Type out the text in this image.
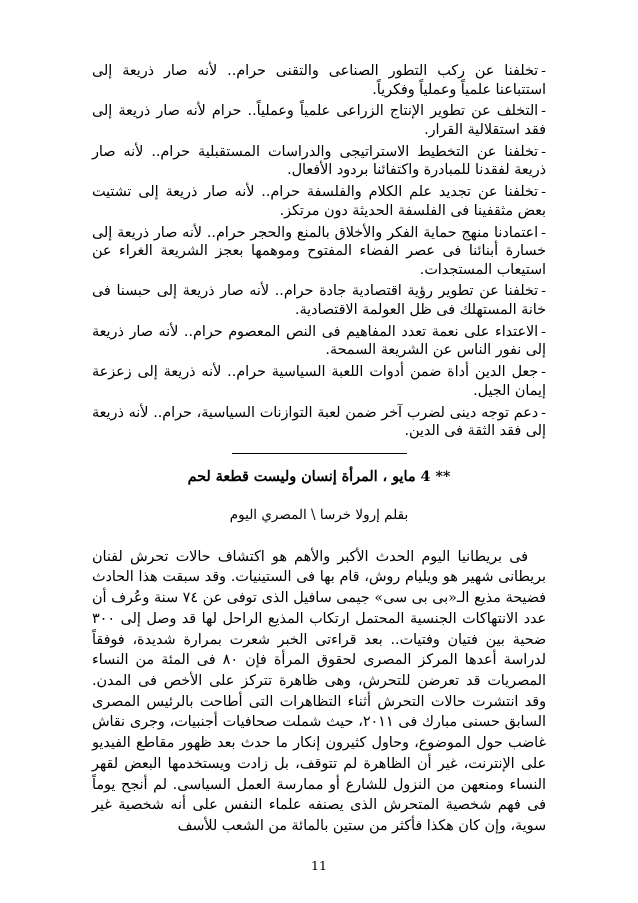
-تخلفنا عن ركب التطور الصناعى والتقنى حرام.. لأنه صار ذريعة إلى استتباعنا علمياً وعملياً وفكرياً.
-التخلف عن تطوير الإنتاج الزراعى علمياً وعملياً.. حرام لأنه صار ذريعة إلى فقد استقلالية القرار.
-تخلفنا عن التخطيط الاستراتيجى والدراسات المستقبلية حرام.. لأنه صار ذريعة لفقدنا للمبادرة واكتفائنا بردود الأفعال.
-تخلفنا عن تجديد علم الكلام والفلسفة حرام.. لأنه صار ذريعة إلى تشتيت بعض مثقفينا فى الفلسفة الحديثة دون مرتكز.
-اعتمادنا منهج حماية الفكر والأخلاق بالمنع والحجر حرام.. لأنه صار ذريعة إلى خسارة أبنائنا فى عصر الفضاء المفتوح وموهمها بعجز الشريعة الغراء عن استيعاب المستجدات.
-تخلفنا عن تطوير رؤية اقتصادية جادة حرام.. لأنه صار ذريعة إلى حبسنا فى خانة المستهلك فى ظل العولمة الاقتصادية.
-الاعتداء على نعمة تعدد المفاهيم فى النص المعصوم حرام.. لأنه صار ذريعة إلى نفور الناس عن الشريعة السمحة.
-جعل الدين أداة ضمن أدوات اللعبة السياسية حرام.. لأنه ذريعة إلى زعزعة إيمان الجيل.
-دعم توجه دينى لضرب آخر ضمن لعبة التوازنات السياسية، حرام.. لأنه ذريعة إلى فقد الثقة فى الدين.

** 4 مايو ، المرأة إنسان وليست قطعة لحم

بقلم إرولا خرسا \ المصري اليوم

فى بريطانيا اليوم الحدث الأكبر والأهم هو اكتشاف حالات تحرش لفنان بريطانى شهير هو ويليام روش، قام بها فى الستينيات. وقد سبقت هذا الحادث فضيحة مذيع الـ«بى بى سى» جيمى سافيل الذى توفى عن ٧٤ سنة وعُرف أن عدد الانتهاكات الجنسية المحتمل ارتكاب المذيع الراحل لها قد وصل إلى ٣٠٠ ضحية بين فتيان وفتيات.. بعد قراءتى الخبر شعرت بمرارة شديدة، فوفقاً لدراسة أعدها المركز المصرى لحقوق المرأة فإن ٨٠ فى المئة من النساء المصريات قد تعرضن للتحرش، وهى ظاهرة تتركز على الأخص فى المدن. وقد انتشرت حالات التحرش أثناء التظاهرات التى أطاحت بالرئيس المصرى السابق حسنى مبارك فى ٢٠١١، حيث شملت صحافيات أجنبيات، وجرى نقاش غاضب حول الموضوع، وحاول كثيرون إنكار ما حدث بعد ظهور مقاطع الفيديو على الإنترنت، غير أن الظاهرة لم تتوقف، بل زادت ويستخدمها البعض لقهر النساء ومنعهن من النزول للشارع أو ممارسة العمل السياسى. لم أنجح يوماً فى فهم شخصية المتحرش الذى يصنفه علماء النفس على أنه شخصية غير سوية، وإن كان هكذا فأكثر من ستين بالمائة من الشعب للأسف

11
